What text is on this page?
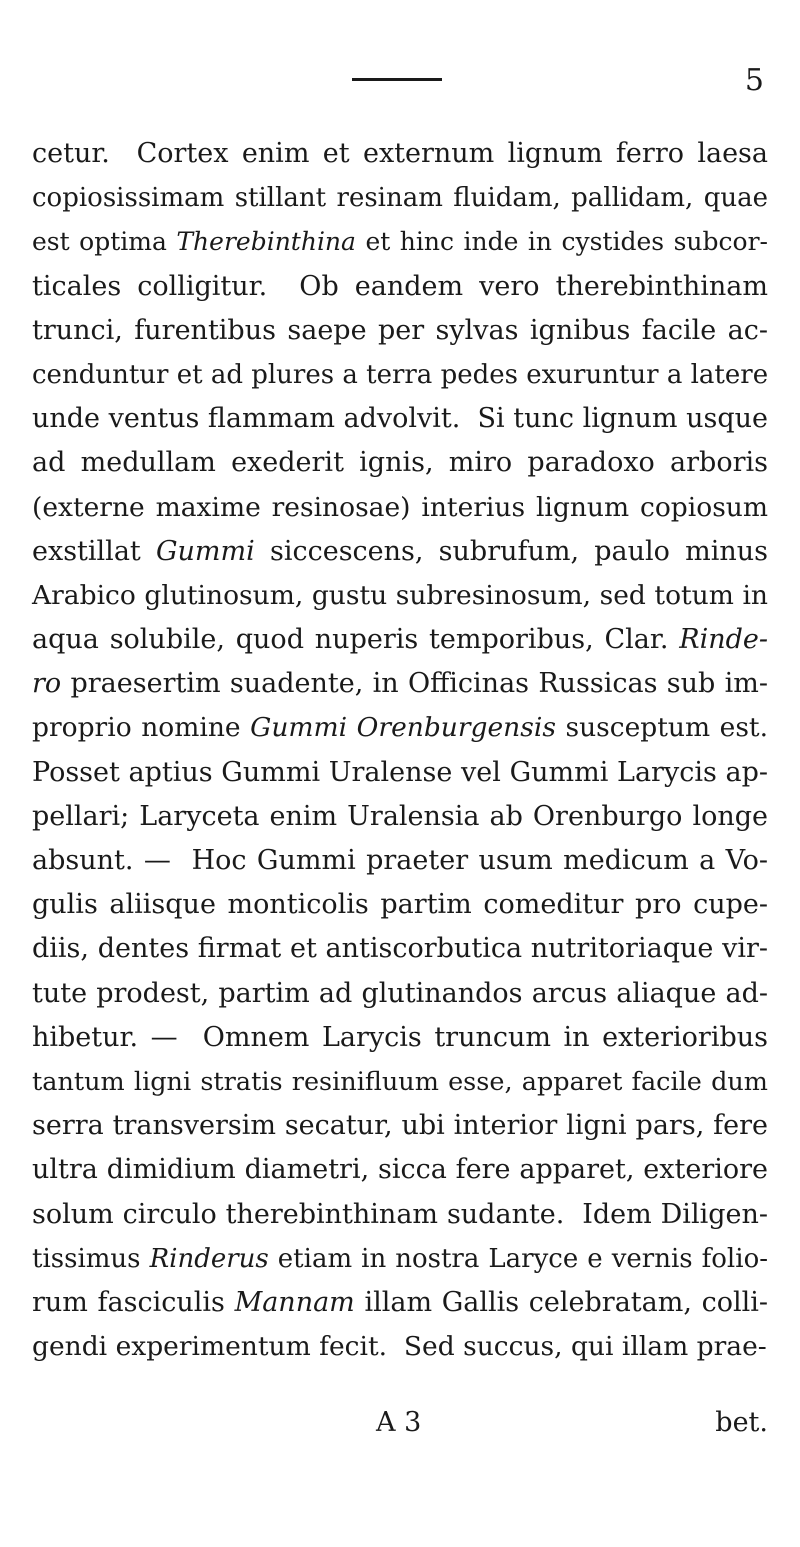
5
cetur.  Cortex enim et externum lignum ferro laesa
copiosissimam stillant resinam fluidam, pallidam, quae
est optima Therebinthina et hinc inde in cystides subcor-
ticales colligitur.  Ob eandem vero therebinthinam
trunci, furentibus saepe per sylvas ignibus facile ac-
cenduntur et ad plures a terra pedes exuruntur a latere
unde ventus flammam advolvit.  Si tunc lignum usque
ad medullam exederit ignis, miro paradoxo arboris
(externe maxime resinosae) interius lignum copiosum
exstillat Gummi siccescens, subrufum, paulo minus
Arabico glutinosum, gustu subresinosum, sed totum in
aqua solubile, quod nuperis temporibus, Clar. Rinde-
ro praesertim suadente, in Officinas Russicas sub im-
proprio nomine Gummi Orenburgensis susceptum est.
Posset aptius Gummi Uralense vel Gummi Larycis ap-
pellari; Laryceta enim Uralensia ab Orenburgo longe
absunt. —  Hoc Gummi praeter usum medicum a Vo-
gulis aliisque monticolis partim comeditur pro cupe-
diis, dentes firmat et antiscorbutica nutritoriaque vir-
tute prodest, partim ad glutinandos arcus aliaque ad-
hibetur. —  Omnem Larycis truncum in exterioribus
tantum ligni stratis resinifluum esse, apparet facile dum
serra transversim secatur, ubi interior ligni pars, fere
ultra dimidium diametri, sicca fere apparet, exteriore
solum circulo therebinthinam sudante.  Idem Diligen-
tissimus Rinderus etiam in nostra Laryce e vernis folio-
rum fasciculis Mannam illam Gallis celebratam, colli-
gendi experimentum fecit.  Sed succus, qui illam prae-
A 3	bet.
